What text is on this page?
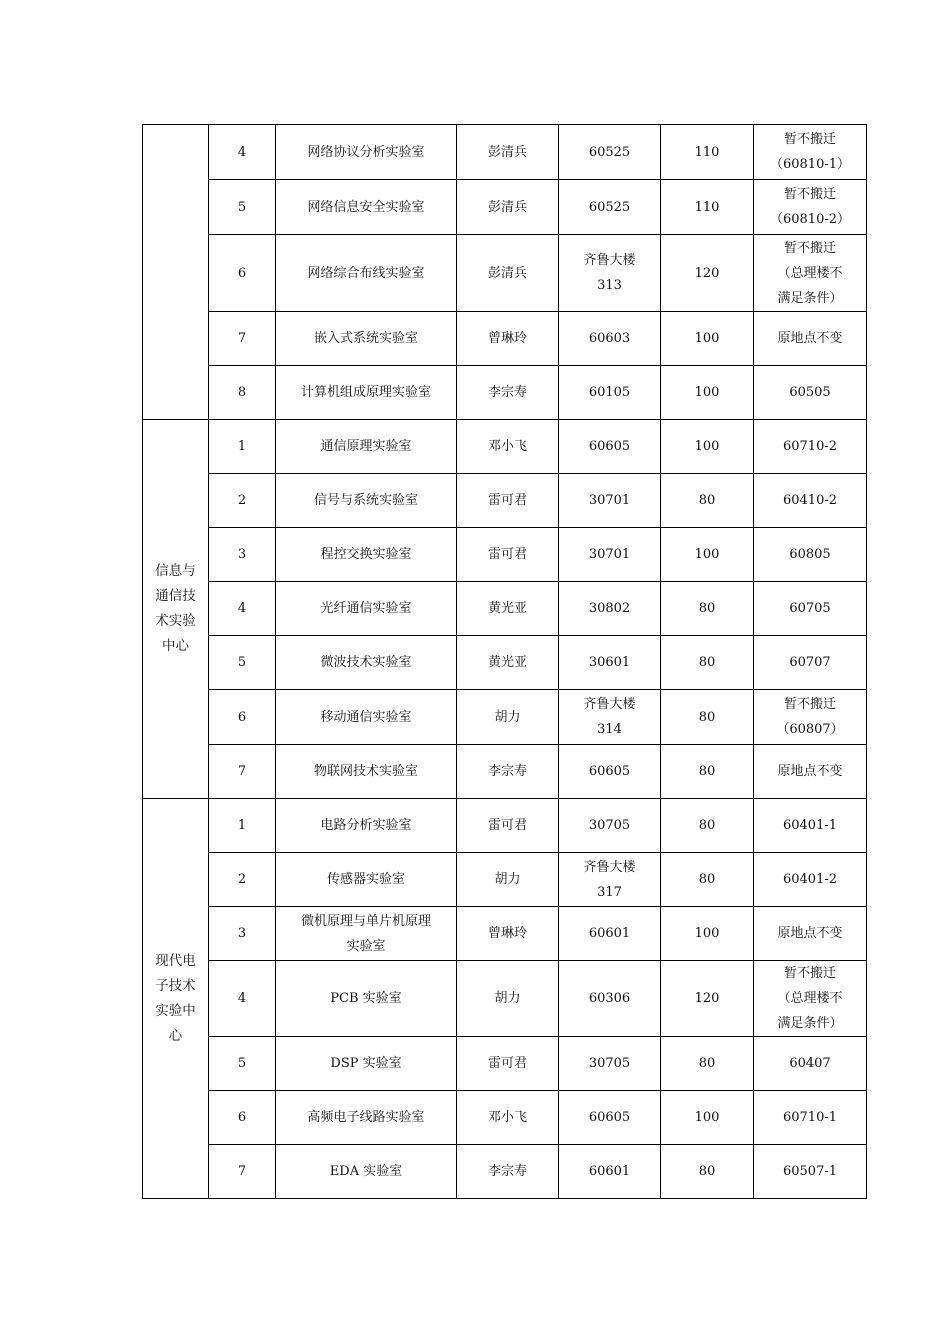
	4	网络协议分析实验室	彭清兵	60525	110	暂不搬迁
（60810-1）
	5	网络信息安全实验室	彭清兵	60525	110	暂不搬迁
（60810-2）
	6	网络综合布线实验室	彭清兵	齐鲁大楼
313	120	暂不搬迁
（总理楼不
满足条件）
	7	嵌入式系统实验室	曾琳玲	60603	100	原地点不变
	8	计算机组成原理实验室	李宗寿	60105	100	60505
信息与
通信技
术实验
中心	1	通信原理实验室	邓小飞	60605	100	60710-2
	2	信号与系统实验室	雷可君	30701	80	60410-2
	3	程控交换实验室	雷可君	30701	100	60805
	4	光纤通信实验室	黄光亚	30802	80	60705
	5	微波技术实验室	黄光亚	30601	80	60707
	6	移动通信实验室	胡力	齐鲁大楼
314	80	暂不搬迁
（60807）
	7	物联网技术实验室	李宗寿	60605	80	原地点不变
现代电
子技术
实验中
心	1	电路分析实验室	雷可君	30705	80	60401-1
	2	传感器实验室	胡力	齐鲁大楼
317	80	60401-2
	3	微机原理与单片机原理
实验室	曾琳玲	60601	100	原地点不变
	4	PCB 实验室	胡力	60306	120	暂不搬迁
（总理楼不
满足条件）
	5	DSP 实验室	雷可君	30705	80	60407
	6	高频电子线路实验室	邓小飞	60605	100	60710-1
	7	EDA 实验室	李宗寿	60601	80	60507-1
